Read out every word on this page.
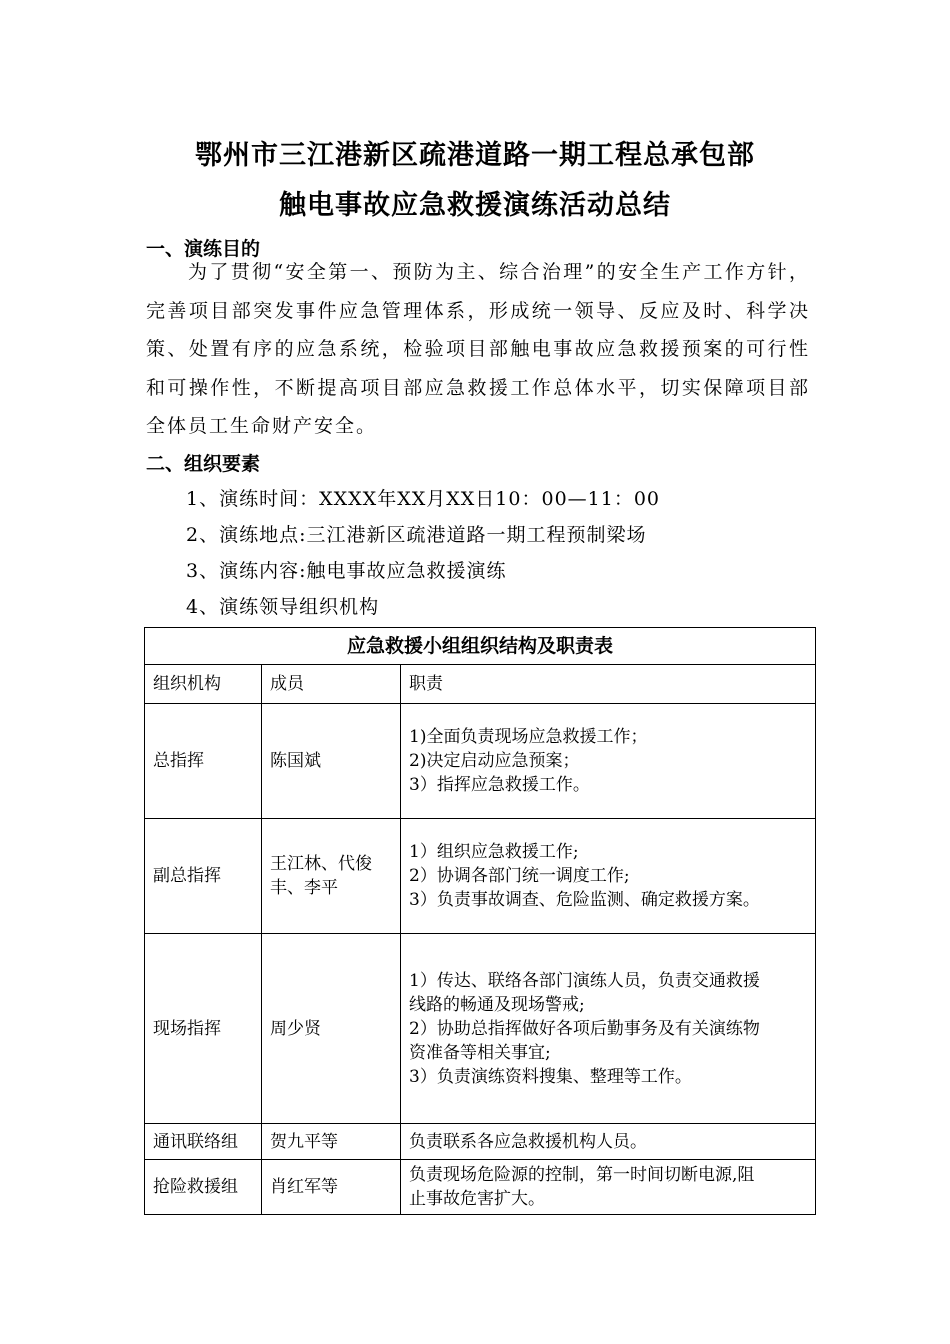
鄂州市三江港新区疏港道路一期工程总承包部
触电事故应急救援演练活动总结
一、演练目的
为了贯彻“安全第一、预防为主、综合治理”的安全生产工作方针，完善项目部突发事件应急管理体系，形成统一领导、反应及时、科学决策、处置有序的应急系统，检验项目部触电事故应急救援预案的可行性和可操作性，不断提高项目部应急救援工作总体水平，切实保障项目部全体员工生命财产安全。
二、组织要素
1、演练时间：XXXX年XX月XX日10：00—11：00
2、演练地点:三江港新区疏港道路一期工程预制梁场
3、演练内容:触电事故应急救援演练
4、演练领导组织机构
应急救援小组组织结构及职责表		
组织机构	成员	职责
总指挥	陈国斌	1)全面负责现场应急救援工作；
2)决定启动应急预案；
3）指挥应急救援工作。

副总指挥	王江林、代俊丰、李平	1）组织应急救援工作;
2）协调各部门统一调度工作;
3）负责事故调查、危险监测、确定救援方案。

现场指挥	周少贤	1）传达、联络各部门演练人员，负责交通救援
线路的畅通及现场警戒;
2）协助总指挥做好各项后勤事务及有关演练物
资准备等相关事宜;
3）负责演练资料搜集、整理等工作。

通讯联络组	贺九平等	负责联系各应急救援机构人员。

抢险救援组	肖红军等	负责现场危险源的控制，第一时间切断电源,阻
止事故危害扩大。
